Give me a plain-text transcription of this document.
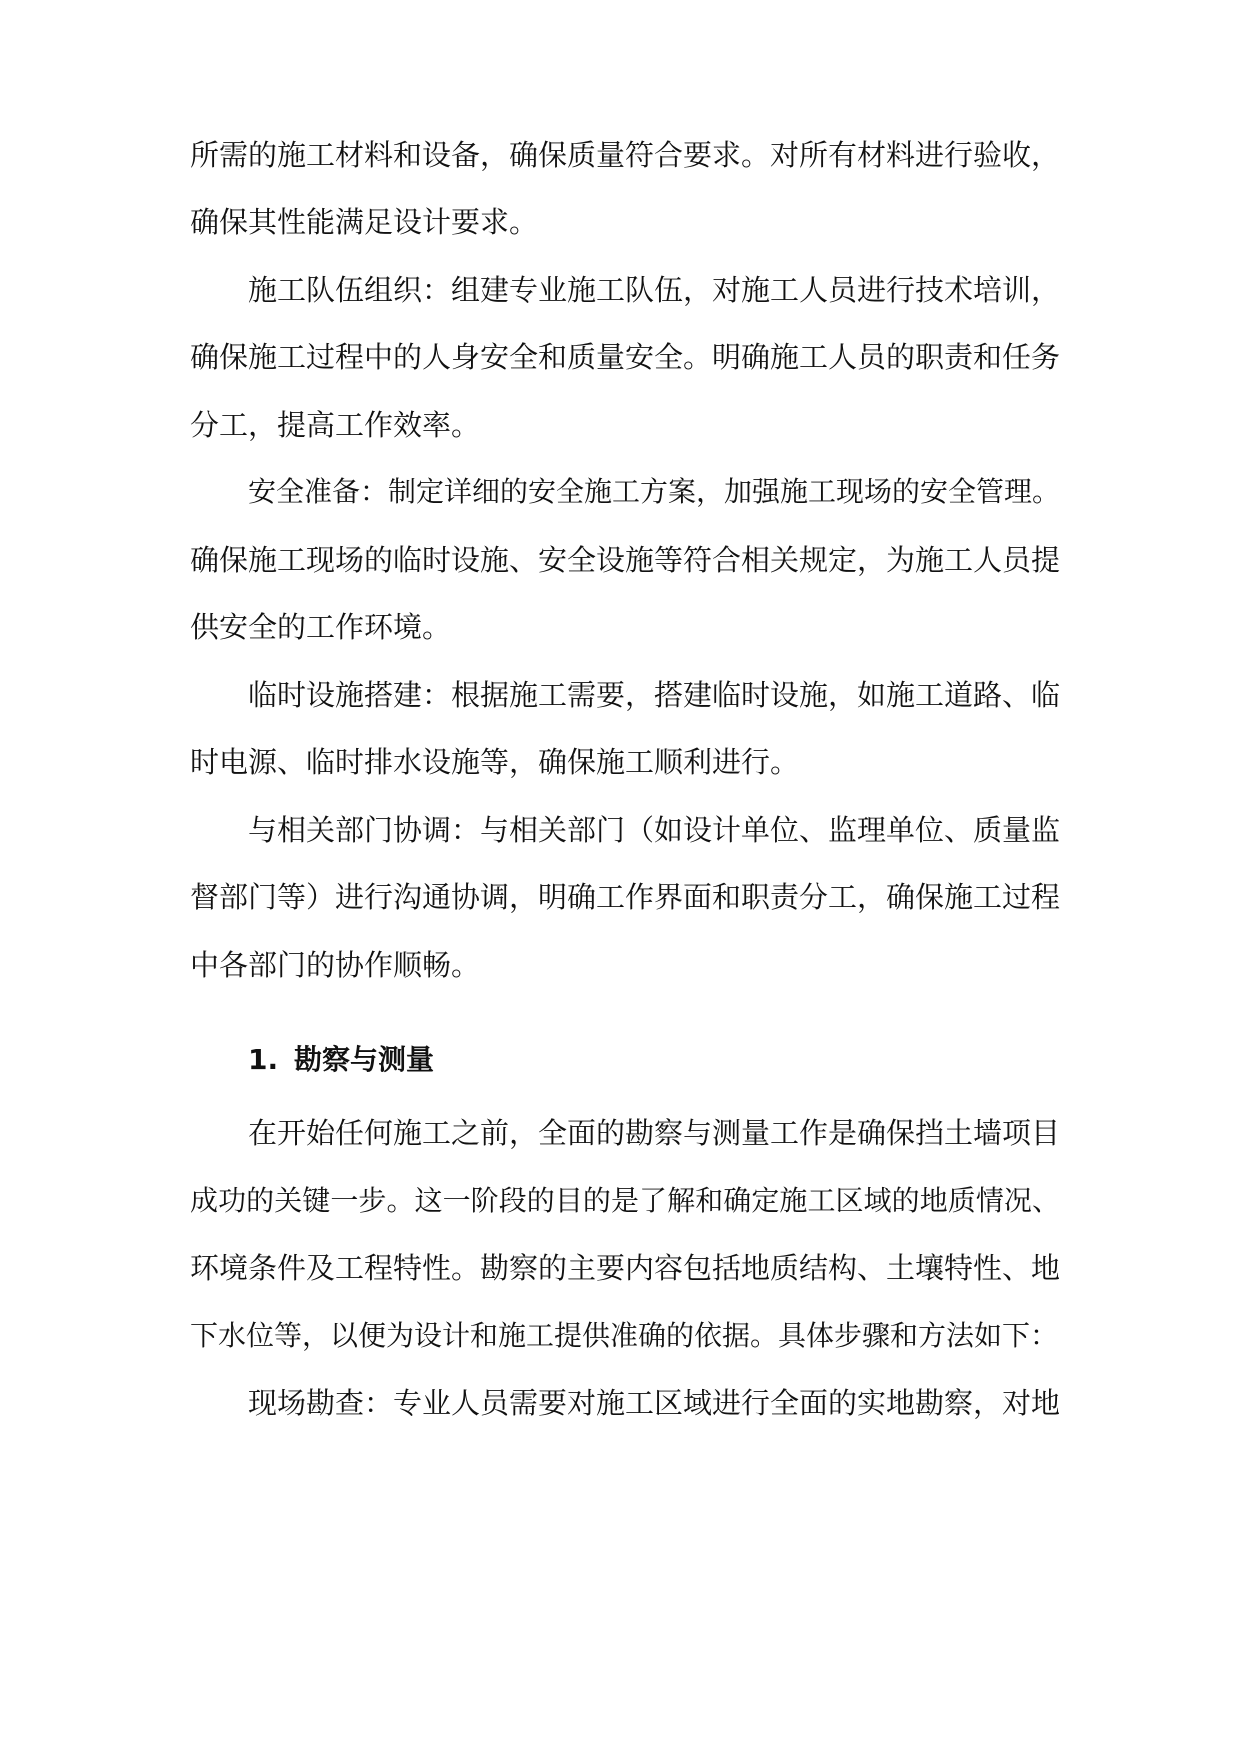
所需的施工材料和设备，确保质量符合要求。对所有材料进行验收，
确保其性能满足设计要求。
施工队伍组织：组建专业施工队伍，对施工人员进行技术培训，
确保施工过程中的人身安全和质量安全。明确施工人员的职责和任务
分工，提高工作效率。
安全准备：制定详细的安全施工方案，加强施工现场的安全管理。
确保施工现场的临时设施、安全设施等符合相关规定，为施工人员提
供安全的工作环境。
临时设施搭建：根据施工需要，搭建临时设施，如施工道路、临
时电源、临时排水设施等，确保施工顺利进行。
与相关部门协调：与相关部门（如设计单位、监理单位、质量监
督部门等）进行沟通协调，明确工作界面和职责分工，确保施工过程
中各部门的协作顺畅。
1. 勘察与测量
在开始任何施工之前，全面的勘察与测量工作是确保挡土墙项目
成功的关键一步。这一阶段的目的是了解和确定施工区域的地质情况、
环境条件及工程特性。勘察的主要内容包括地质结构、土壤特性、地
下水位等，以便为设计和施工提供准确的依据。具体步骤和方法如下：
现场勘查：专业人员需要对施工区域进行全面的实地勘察，对地
